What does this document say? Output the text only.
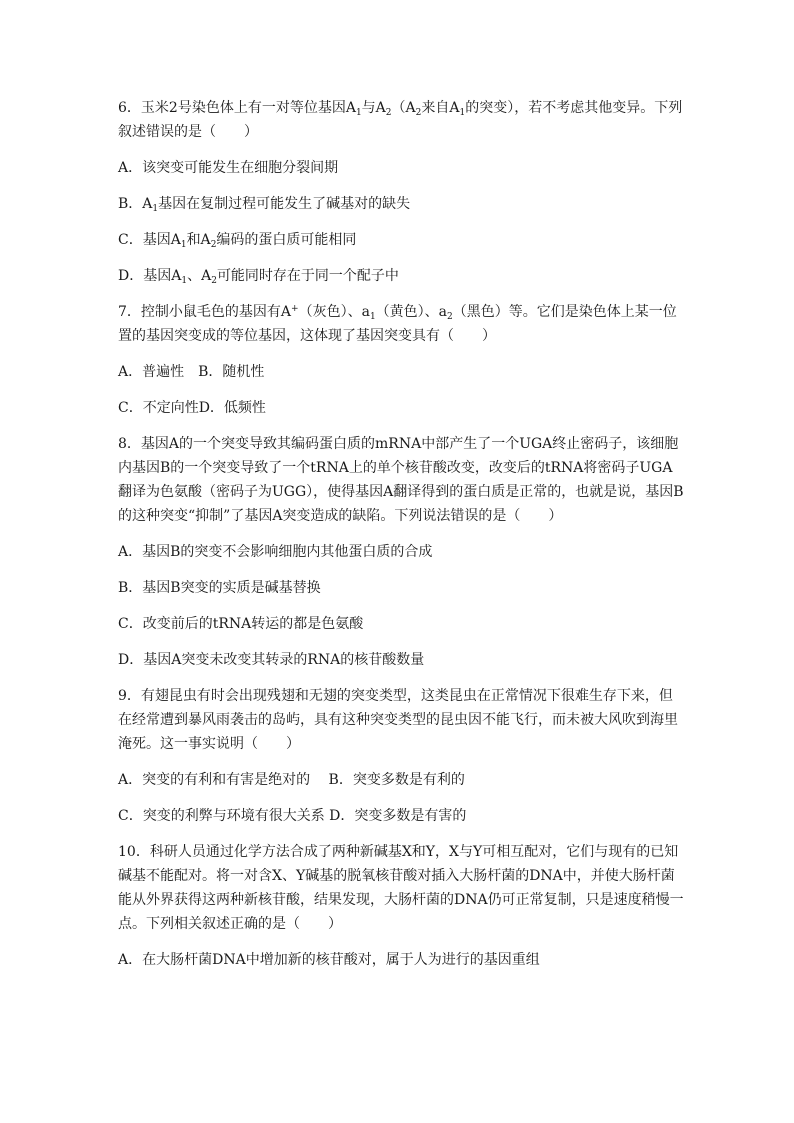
6．玉米2号染色体上有一对等位基因$A_1$与$A_2(A_2$来自$A_1$的突变），若不考虑其他变异。下列叙述错误的是（　　）

A．该突变可能发生在细胞分裂间期

B．$A_1$基因在复制过程可能发生了碱基对的缺失

C．基因$A_1$和$A_2$编码的蛋白质可能相同

D．基因$A_1$、$A_2$可能同时存在于同一个配子中

7．控制小鼠毛色的基因有A+（灰色）、$a_1$（黄色）、$a_2$（黑色）等。它们是染色体上某一位置的基因突变成的等位基因，这体现了基因突变具有（　　）

A．普遍性　B．随机性

C．不定向性D．低频性

8．基因A的一个突变导致其编码蛋白质的mRNA中部产生了一个UGA终止密码子，该细胞内基因B的一个突变导致了一个tRNA上的单个核苷酸改变，改变后的tRNA将密码子UGA翻译为色氨酸（密码子为UGG），使得基因A翻译得到的蛋白质是正常的，也就是说，基因B的这种突变“抑制”了基因A突变造成的缺陷。下列说法错误的是（　　）

A．基因B的突变不会影响细胞内其他蛋白质的合成

B．基因B突变的实质是碱基替换

C．改变前后的tRNA转运的都是色氨酸

D．基因A突变未改变其转录的RNA的核苷酸数量

9．有翅昆虫有时会出现残翅和无翅的突变类型，这类昆虫在正常情况下很难生存下来，但在经常遭到暴风雨袭击的岛屿，具有这种突变类型的昆虫因不能飞行，而未被大风吹到海里淹死。这一事实说明（　　）

A．突变的有利和有害是绝对的　 B．突变多数是有利的

C．突变的利弊与环境有很大关系 D．突变多数是有害的

10．科研人员通过化学方法合成了两种新碱基X和Y，X与Y可相互配对，它们与现有的已知碱基不能配对。将一对含X、Y碱基的脱氧核苷酸对插入大肠杆菌的DNA中，并使大肠杆菌能从外界获得这两种新核苷酸，结果发现，大肠杆菌的DNA仍可正常复制，只是速度稍慢一点。下列相关叙述正确的是（　　）

A．在大肠杆菌DNA中增加新的核苷酸对，属于人为进行的基因重组
